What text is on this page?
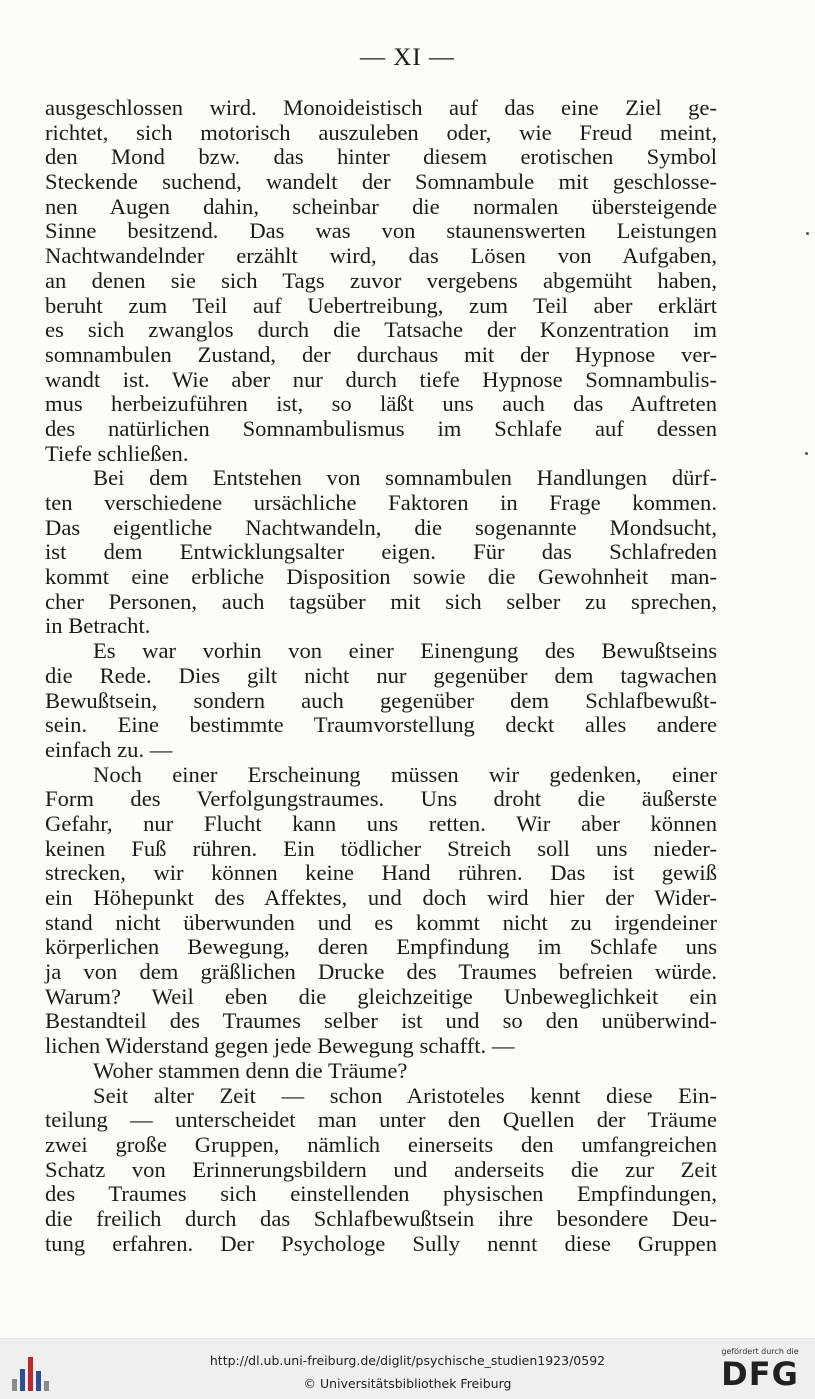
— XI —
ausgeschlossen wird. Monoideistisch auf das eine Ziel ge-
richtet, sich motorisch auszuleben oder, wie Freud meint,
den Mond bzw. das hinter diesem erotischen Symbol
Steckende suchend, wandelt der Somnambule mit geschlosse-
nen Augen dahin, scheinbar die normalen übersteigende
Sinne besitzend. Das was von staunenswerten Leistungen
Nachtwandelnder erzählt wird, das Lösen von Aufgaben,
an denen sie sich Tags zuvor vergebens abgemüht haben,
beruht zum Teil auf Uebertreibung, zum Teil aber erklärt
es sich zwanglos durch die Tatsache der Konzentration im
somnambulen Zustand, der durchaus mit der Hypnose ver-
wandt ist. Wie aber nur durch tiefe Hypnose Somnambulis-
mus herbeizuführen ist, so läßt uns auch das Auftreten
des natürlichen Somnambulismus im Schlafe auf dessen
Tiefe schließen.
Bei dem Entstehen von somnambulen Handlungen dürf-
ten verschiedene ursächliche Faktoren in Frage kommen.
Das eigentliche Nachtwandeln, die sogenannte Mondsucht,
ist dem Entwicklungsalter eigen. Für das Schlafreden
kommt eine erbliche Disposition sowie die Gewohnheit man-
cher Personen, auch tagsüber mit sich selber zu sprechen,
in Betracht.
Es war vorhin von einer Einengung des Bewußtseins
die Rede. Dies gilt nicht nur gegenüber dem tagwachen
Bewußtsein, sondern auch gegenüber dem Schlafbewußt-
sein. Eine bestimmte Traumvorstellung deckt alles andere
einfach zu. —
Noch einer Erscheinung müssen wir gedenken, einer
Form des Verfolgungstraumes. Uns droht die äußerste
Gefahr, nur Flucht kann uns retten. Wir aber können
keinen Fuß rühren. Ein tödlicher Streich soll uns nieder-
strecken, wir können keine Hand rühren. Das ist gewiß
ein Höhepunkt des Affektes, und doch wird hier der Wider-
stand nicht überwunden und es kommt nicht zu irgendeiner
körperlichen Bewegung, deren Empfindung im Schlafe uns
ja von dem gräßlichen Drucke des Traumes befreien würde.
Warum? Weil eben die gleichzeitige Unbeweglichkeit ein
Bestandteil des Traumes selber ist und so den unüberwind-
lichen Widerstand gegen jede Bewegung schafft. —
Woher stammen denn die Träume?
Seit alter Zeit — schon Aristoteles kennt diese Ein-
teilung — unterscheidet man unter den Quellen der Träume
zwei große Gruppen, nämlich einerseits den umfangreichen
Schatz von Erinnerungsbildern und anderseits die zur Zeit
des Traumes sich einstellenden physischen Empfindungen,
die freilich durch das Schlafbewußtsein ihre besondere Deu-
tung erfahren. Der Psychologe Sully nennt diese Gruppen
http://dl.ub.uni-freiburg.de/diglit/psychische_studien1923/0592
© Universitätsbibliothek Freiburg
gefördert durch die
DFG
